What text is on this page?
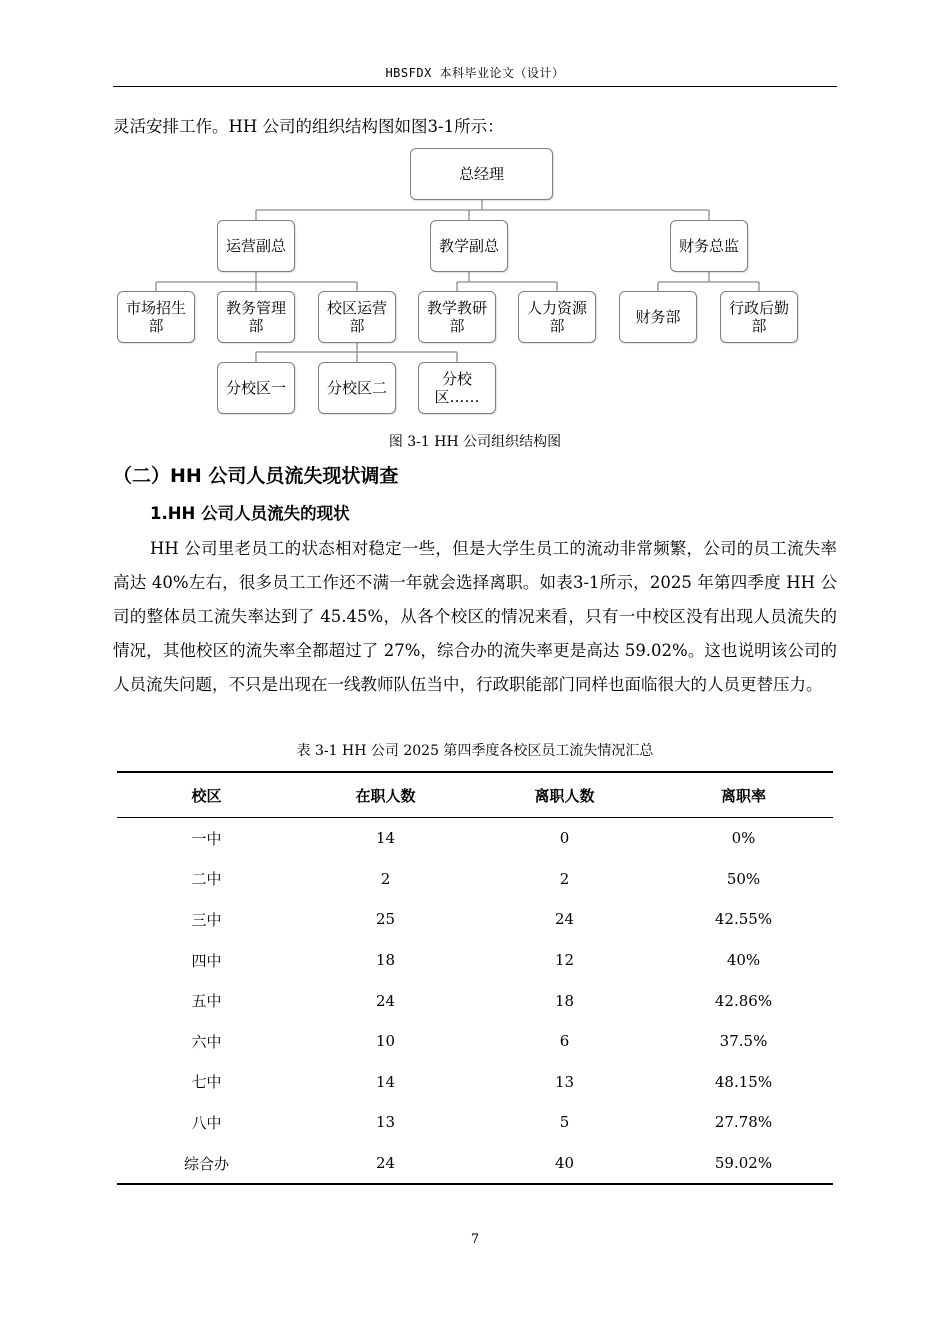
HBSFDX 本科毕业论文（设计）

灵活安排工作。HH 公司的组织结构图如图3-1所示：

总经理
运营副总	教学副总	财务总监
市场招生部
教务管理部
校区运营部
教学教研部
人力资源部	财务部	行政后勤部
分校区一	分校区二	分校区……
图 3-1 HH 公司组织结构图
（二）HH 公司人员流失现状调查
1.HH 公司人员流失的现状

HH 公司里老员工的状态相对稳定一些，但是大学生员工的流动非常频繁，公司的员工流失率高达 40%左右，很多员工工作还不满一年就会选择离职。如表3-1所示，2025 年第四季度 HH 公司的整体员工流失率达到了 45.45%，从各个校区的情况来看，只有一中校区没有出现人员流失的情况，其他校区的流失率全都超过了 27%，综合办的流失率更是高达 59.02%。这也说明该公司的人员流失问题，不只是出现在一线教师队伍当中，行政职能部门同样也面临很大的人员更替压力。

表 3-1 HH 公司 2025 第四季度各校区员工流失情况汇总
校区	在职人数	离职人数	离职率
一中	14	0	0%
二中	2	2	50%
三中	25	24	42.55%
四中	18	12	40%
五中	24	18	42.86%
六中	10	6	37.5%
七中	14	13	48.15%
八中	13	5	27.78%
综合办	24	40	59.02%
7
